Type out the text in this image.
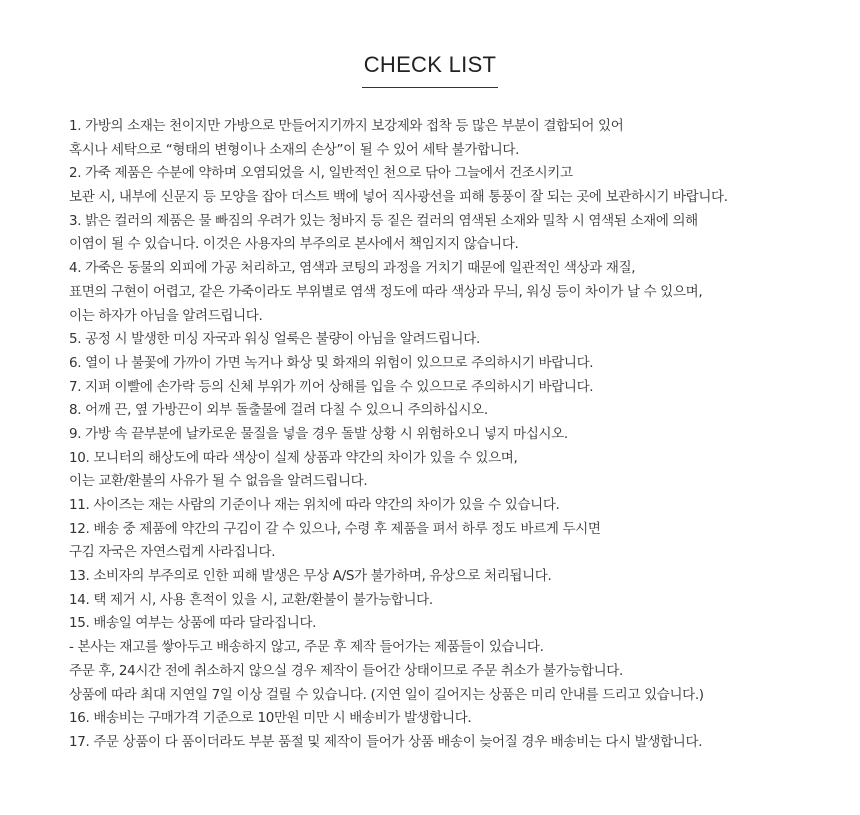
CHECK LIST
1. 가방의 소재는 천이지만 가방으로 만들어지기까지 보강제와 접착 등 많은 부분이 결합되어 있어
혹시나 세탁으로 “형태의 변형이나 소재의 손상”이 될 수 있어 세탁 불가합니다.
2. 가죽 제품은 수분에 약하며 오염되었을 시, 일반적인 천으로 닦아 그늘에서 건조시키고
보관 시, 내부에 신문지 등 모양을 잡아 더스트 백에 넣어 직사광선을 피해 통풍이 잘 되는 곳에 보관하시기 바랍니다.
3. 밝은 컬러의 제품은 물 빠짐의 우려가 있는 청바지 등 짙은 컬러의 염색된 소재와 밀착 시 염색된 소재에 의해
이염이 될 수 있습니다. 이것은 사용자의 부주의로 본사에서 책임지지 않습니다.
4. 가죽은 동물의 외피에 가공 처리하고, 염색과 코팅의 과정을 거치기 때문에 일관적인 색상과 재질,
표면의 구현이 어렵고, 같은 가죽이라도 부위별로 염색 정도에 따라 색상과 무늬, 워싱 등이 차이가 날 수 있으며,
이는 하자가 아님을 알려드립니다.
5. 공정 시 발생한 미싱 자국과 워싱 얼룩은 불량이 아님을 알려드립니다.
6. 열이 나 불꽃에 가까이 가면 녹거나 화상 및 화재의 위험이 있으므로 주의하시기 바랍니다.
7. 지퍼 이빨에 손가락 등의 신체 부위가 끼어 상해를 입을 수 있으므로 주의하시기 바랍니다.
8. 어깨 끈, 옆 가방끈이 외부 돌출물에 걸려 다칠 수 있으니 주의하십시오.
9. 가방 속 끝부분에 날카로운 물질을 넣을 경우 돌발 상황 시 위험하오니 넣지 마십시오.
10. 모니터의 해상도에 따라 색상이 실제 상품과 약간의 차이가 있을 수 있으며,
이는 교환/환불의 사유가 될 수 없음을 알려드립니다.
11. 사이즈는 재는 사람의 기준이나 재는 위치에 따라 약간의 차이가 있을 수 있습니다.
12. 배송 중 제품에 약간의 구김이 갈 수 있으나, 수령 후 제품을 펴서 하루 정도 바르게 두시면
구김 자국은 자연스럽게 사라집니다.
13. 소비자의 부주의로 인한 피해 발생은 무상 A/S가 불가하며, 유상으로 처리됩니다.
14. 택 제거 시, 사용 흔적이 있을 시, 교환/환불이 불가능합니다.
15. 배송일 여부는 상품에 따라 달라집니다.
- 본사는 재고를 쌓아두고 배송하지 않고, 주문 후 제작 들어가는 제품들이 있습니다.
주문 후, 24시간 전에 취소하지 않으실 경우 제작이 들어간 상태이므로 주문 취소가 불가능합니다.
상품에 따라 최대 지연일 7일 이상 걸릴 수 있습니다. (지연 일이 길어지는 상품은 미리 안내를 드리고 있습니다.)
16. 배송비는 구매가격 기준으로 10만원 미만 시 배송비가 발생합니다.
17. 주문 상품이 다 품이더라도 부분 품절 및 제작이 들어가 상품 배송이 늦어질 경우 배송비는 다시 발생합니다.
